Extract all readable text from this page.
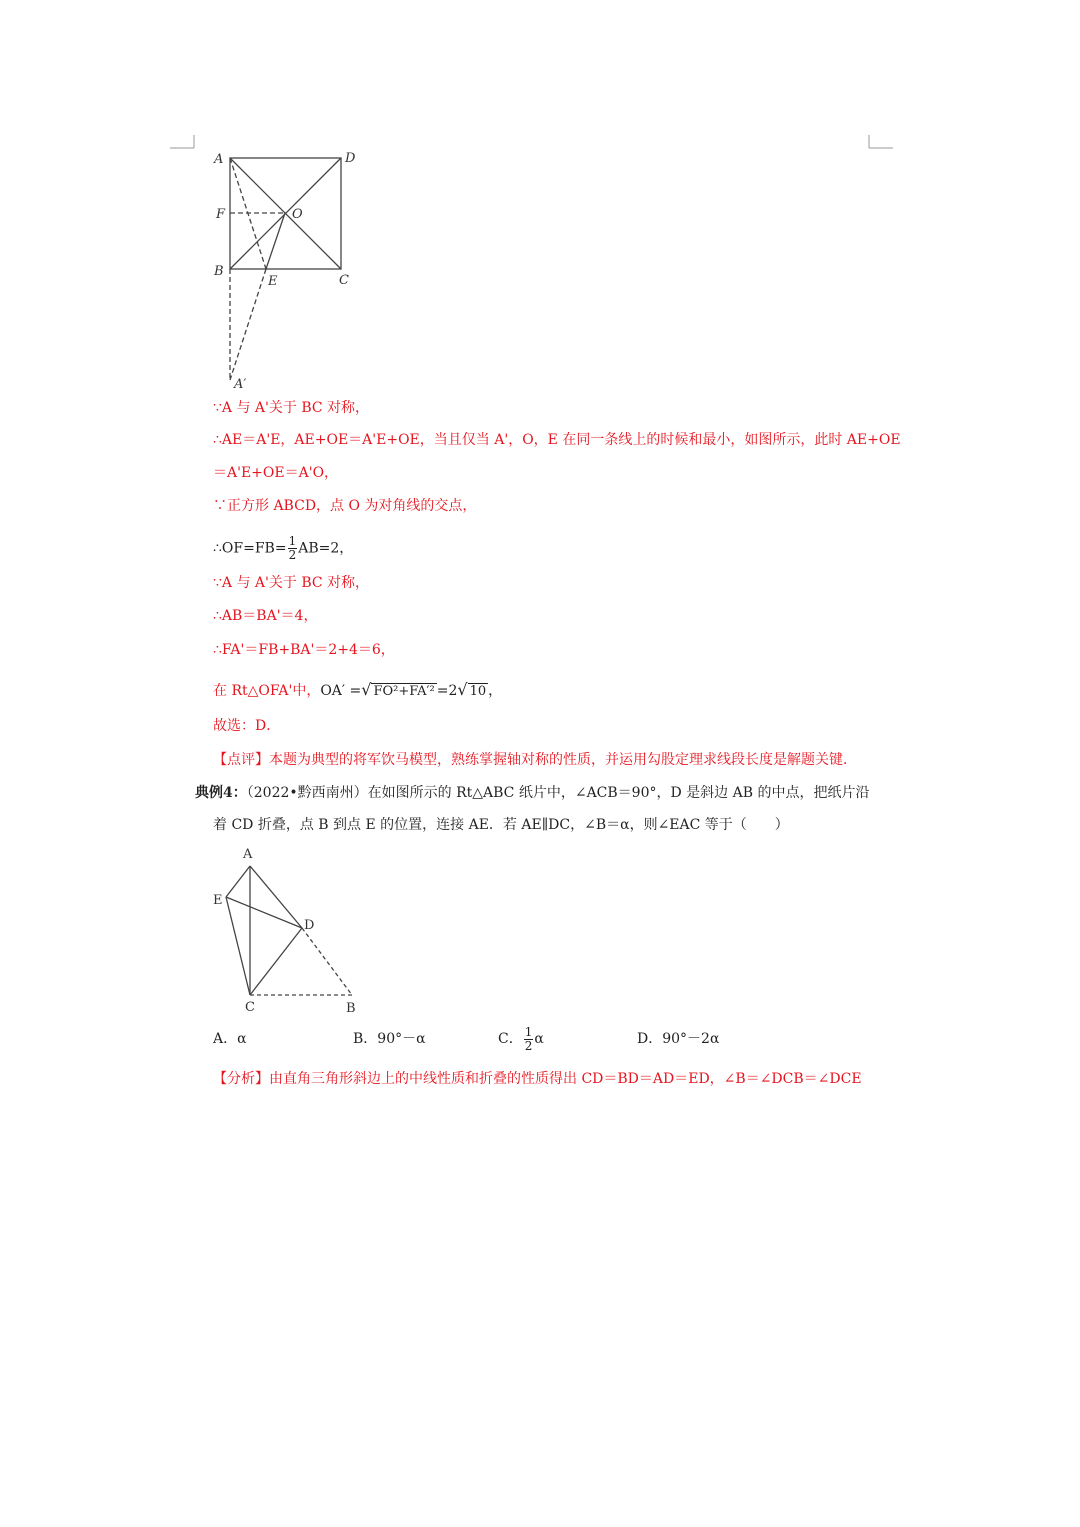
A	D
F	O
B
E	C
A′
A
E
D
C	B
∵A 与 A'关于 BC 对称，
∴AE＝A'E，AE+OE＝A'E+OE，当且仅当 A'，O，E 在同一条线上的时候和最小，如图所示，此时 AE+OE
＝A'E+OE＝A'O，
∵正方形 ABCD，点 O 为对角线的交点，
∴OF=FB= $\frac{1}{2} AB=2$，
∵A 与 A'关于 BC 对称，
∴AB＝BA'＝4，
∴FA'＝FB+BA'＝2+4＝6，
在 Rt△OFA'中，OA′ =√ FO²+FA′² =2√ 10 ，
故选：D．
【点评】本题为典型的将军饮马模型，熟练掌握轴对称的性质，并运用勾股定理求线段长度是解题关键．
典例4：（2022•黔西南州）在如图所示的 Rt△ABC 纸片中，∠ACB＝90°，D 是斜边 AB 的中点，把纸片沿
着 CD 折叠，点 B 到点 E 的位置，连接 AE．若 AE∥DC，∠B＝α，则∠EAC 等于（　　）
A．α	B．90°－α	C． $\frac{1}{2}$ α	D．90°－2α
【分析】由直角三角形斜边上的中线性质和折叠的性质得出 CD＝BD＝AD＝ED，∠B＝∠DCB＝∠DCE
